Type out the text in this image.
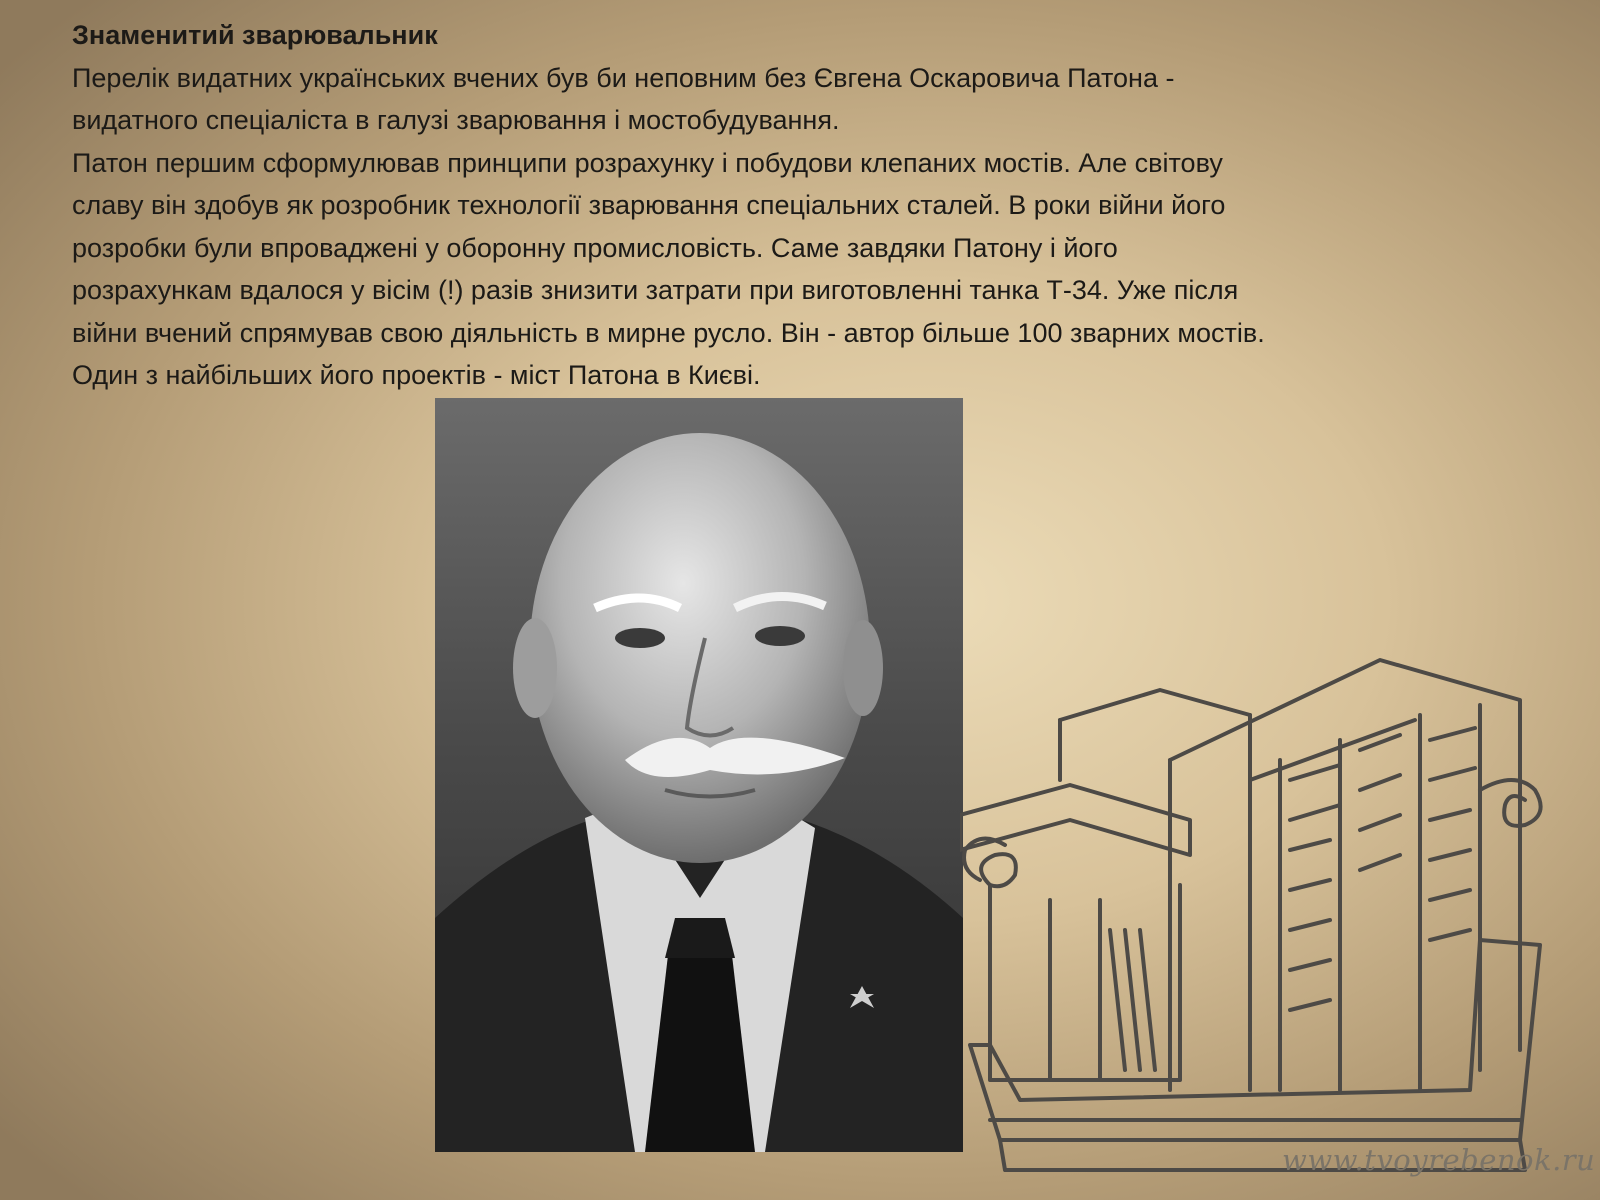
Знаменитий зварювальник

Перелік видатних українських вчених був би неповним без Євгена Оскаровича Патона -

видатного спеціаліста в галузі зварювання і мостобудування.

Патон першим сформулював принципи розрахунку і побудови клепаних мостів. Але світову

славу він здобув як розробник технології зварювання спеціальних сталей. В роки війни його

розробки були впроваджені у оборонну промисловість. Саме завдяки Патону і його

розрахункам вдалося у вісім (!) разів знизити затрати при виготовленні танка Т-34. Уже після

війни вчений спрямував свою діяльність в мирне русло. Він - автор більше 100 зварних мостів.

Один з найбільших його проектів - міст Патона в Києві.

www.tvoyrebenok.ru
